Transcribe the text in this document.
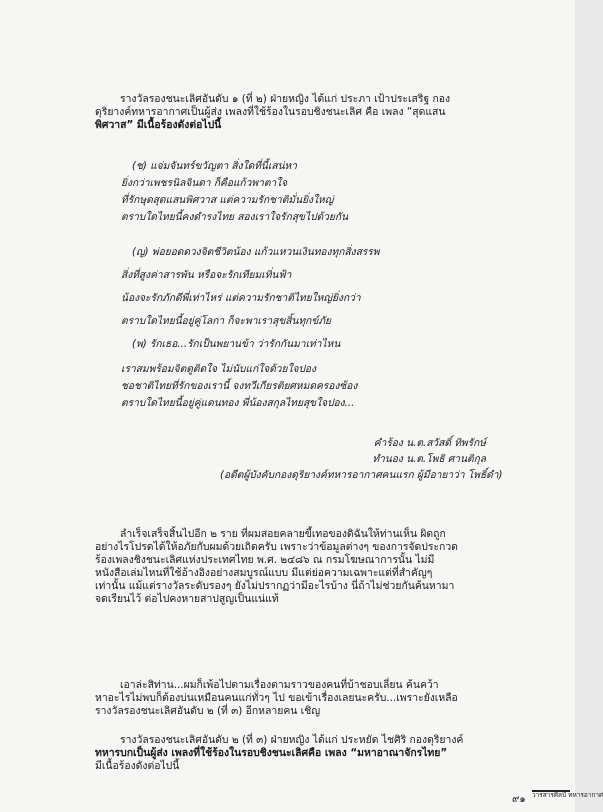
รางวัลรองชนะเลิศอันดับ ๑ (ที่ ๒) ฝ่ายหญิง ได้แก่ ประภา เป้าประเสริฐ กอง
ดุริยางค์ทหารอากาศเป็นผู้ส่ง เพลงที่ใช้ร้องในรอบชิงชนะเลิศ คือ เพลง “สุดแสน
พิศวาส” มีเนื้อร้องดังต่อไปนี้
(ช) แจ่มจันทร์ขวัญตา สิ่งใดที่นี้เสน่หา
ยิ่งกว่าเพชรนิลจินดา ก็คือแก้วพาตาใจ
ที่รักษุดสุดแสนพิศวาส แต่ความรักชาติมั่นยิ่งใหญ่
ตราบใดไทยนี้คงดำรงไทย สองเราใจรักสุขไปด้วยกัน
(ญ) พ่อยอดดวงจิตชีวิตน้อง แก้วแหวนเงินทองทุกสิ่งสรรพ
สิ่งที่สูงค่าสารพัน หรือจะรักเทียมเทิ่นฟ้า
น้องจะรักภักดีพี่เท่าไหร่ แต่ความรักชาติไทยใหญ่ยิ่งกว่า
ตราบใดไทยนี้อยู่คู่โลกา ก็จะพาเราสุขสิ้นทุกข์ภัย
(พ) รักเธอ...รักเป็นพยานข้า ว่ารักกันมาเท่าไหน
เราสมพร้อมจิตดูติดใจ ไม่นับแก่ใจด้วยใจปอง
ชอชาติไทยที่รักของเรานี้ จงทวีเกียรติยศหมดครองซ้อง
ตราบใดไทยนี้อยู่คู่แดนทอง พี่น้องสกุลไทยสุขใจปอง...
คำร้อง น.ต.สวัสดิ์ ทิพรักษ์
ทำนอง น.ต.โพธิ ศานติกุล
(อดีตผู้บังคับกองดุริยางค์ทหารอากาศคนแรก ผู้มีอายาว่า โพธิ์ดำ)
ลำเร็จเสร็จสิ้นไปอีก ๒ ราย ที่ผมสอยคลายขี้เทอของดิฉันให้ท่านเห็น ผิดถูก
อย่างไรโปรดได้ให้อภัยกับผมด้วยเถิดครับ เพราะว่าข้อมูลต่างๆ ของการจัดประกวด
ร้องเพลงชิงชนะเลิศแห่งประเทศไทย พ.ศ. ๒๔๘๖ ณ กรมโฆษณาการนั้น ไม่มี
หนังสือเล่มไหนที่ใช้อ้างอิงอย่างสมบูรณ์แบบ มีแต่ย่อความเฉพาะแต่ที่สำคัญๆ
เท่านั้น แม้แต่รางวัลระดับรองๆ ยังไม่ปรากฏว่ามีอะไรบ้าง นี่ถ้าไม่ช่วยกันค้นหามา
จดเรียนไว้ ต่อไปคงหายสาปสูญเป็นแน่แท้
เอาล่ะสิท่าน...ผมก็เพ้อไปตามเรื่องตามราวของคนที่บ้าชอบเลี่ยน ค้นคว้า
หาอะไรไม่พบก็ต้องบ่นเหมือนคนแก่ทั่วๆ ไป ขอเข้าเรื่องเลยนะครับ...เพราะยังเหลือ
รางวัลรองชนะเลิศอันดับ ๒ (ที่ ๓) อีกหลายคน เชิญ
รางวัลรองชนะเลิศอันดับ ๒ (ที่ ๓) ฝ่ายหญิง ได้แก่ ประหยัด ไชศิริ กองดุริยางค์
ทหารบกเป็นผู้ส่ง เพลงที่ใช้ร้องในรอบชิงชนะเลิศคือ เพลง “มหาอาณาจักรไทย”
มีเนื้อร้องดังต่อไปนี้
๙๑ วารสารศิลป์ ทหารอากาศ
